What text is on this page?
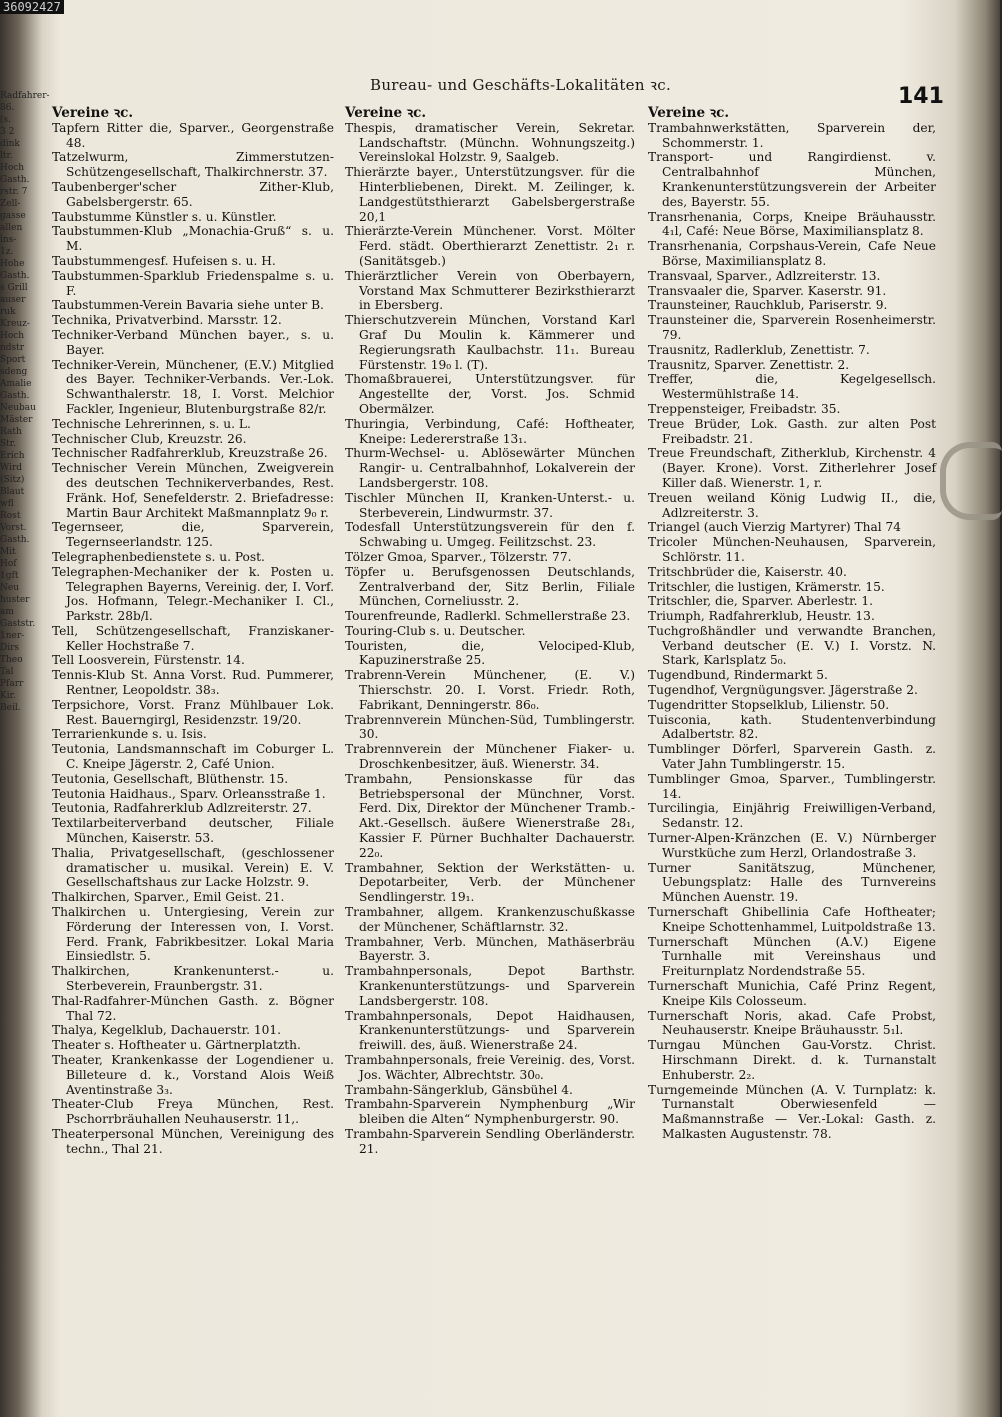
36092427
Radfahrer-
86.
(s.
3 2
dink
ltr.
Hoch
Gasth.
rstr. 7
Zell-
gasse
allen
ins-
1z.
Hohe
Gasth.
s Grill
auser
ruk
Kreuz-
Hoch
ndstr
Sport
sdeng
Amalie
Gasth.
Neubau
Mäster
Rath
Str.
Erich
Wird
(Sitz)
Blaut
wfl
Rost
Vorst.
Gasth.
Mit
Hof
1gft
Neu
huster
am
Gaststr.
1ner-
Dirs
Theo
Tal
Pfarr
Kir.
Beil.
Bureau- und Geschäfts-Lokalitäten ꝛc.	141
Vereine ꝛc.
Tapfern Ritter die, Sparver., Georgenstraße 48.
Tatzelwurm, Zimmerstutzen-Schützengesellschaft, Thalkirchnerstr. 37.
Taubenberger'scher Zither-Klub, Gabelsbergerstr. 65.
Taubstumme Künstler s. u. Künstler.
Taubstummen-Klub „Monachia-Gruß“ s. u. M.
Taubstummengesf. Hufeisen s. u. H.
Taubstummen-Sparklub Friedenspalme s. u. F.
Taubstummen-Verein Bavaria siehe unter B.
Technika, Privatverbind. Marsstr. 12.
Techniker-Verband München bayer., s. u. Bayer.
Techniker-Verein, Münchener, (E.V.) Mitglied des Bayer. Techniker-Verbands. Ver.-Lok. Schwanthalerstr. 18, I. Vorst. Melchior Fackler, Ingenieur, Blutenburgstraße 82/r.
Technische Lehrerinnen, s. u. L.
Technischer Club, Kreuzstr. 26.
Technischer Radfahrerklub, Kreuzstraße 26.
Technischer Verein München, Zweigverein des deutschen Technikerverbandes, Rest. Fränk. Hof, Senefelderstr. 2. Briefadresse: Martin Baur Architekt Maßmannplatz 9₀ r.
Tegernseer, die, Sparverein, Tegernseerlandstr. 125.
Telegraphenbedienstete s. u. Post.
Telegraphen-Mechaniker der k. Posten u. Telegraphen Bayerns, Vereinig. der, I. Vorf. Jos. Hofmann, Telegr.-Mechaniker I. Cl., Parkstr. 28b/l.
Tell, Schützengesellschaft, Franziskaner-Keller Hochstraße 7.
Tell Loosverein, Fürstenstr. 14.
Tennis-Klub St. Anna Vorst. Rud. Pummerer, Rentner, Leopoldstr. 38₃.
Terpsichore, Vorst. Franz Mühlbauer Lok. Rest. Bauerngirgl, Residenzstr. 19/20.
Terrarienkunde s. u. Isis.
Teutonia, Landsmannschaft im Coburger L. C. Kneipe Jägerstr. 2, Café Union.
Teutonia, Gesellschaft, Blüthenstr. 15.
Teutonia Haidhaus., Sparv. Orleansstraße 1.
Teutonia, Radfahrerklub Adlzreiterstr. 27.
Textilarbeiterverband deutscher, Filiale München, Kaiserstr. 53.
Thalia, Privatgesellschaft, (geschlossener dramatischer u. musikal. Verein) E. V. Gesellschaftshaus zur Lacke Holzstr. 9.
Thalkirchen, Sparver., Emil Geist. 21.
Thalkirchen u. Untergiesing, Verein zur Förderung der Interessen von, I. Vorst. Ferd. Frank, Fabrikbesitzer. Lokal Maria Einsiedlstr. 5.
Thalkirchen, Krankenunterst.- u. Sterbeverein, Fraunbergstr. 31.
Thal-Radfahrer-München Gasth. z. Bögner Thal 72.
Thalya, Kegelklub, Dachauerstr. 101.
Theater s. Hoftheater u. Gärtnerplatzth.
Theater, Krankenkasse der Logendiener u. Billeteure d. k., Vorstand Alois Weiß Aventinstraße 3₃.
Theater-Club Freya München, Rest. Pschorrbräuhallen Neuhauserstr. 11,.
Theaterpersonal München, Vereinigung des techn., Thal 21.
Vereine ꝛc.
Thespis, dramatischer Verein, Sekretar. Landschaftstr. (Münchn. Wohnungszeitg.) Vereinslokal Holzstr. 9, Saalgeb.
Thierärzte bayer., Unterstützungsver. für die Hinterbliebenen, Direkt. M. Zeilinger, k. Landgestütsthierarzt Gabelsbergerstraße 20,1
Thierärzte-Verein Münchener. Vorst. Mölter Ferd. städt. Oberthierarzt Zenettistr. 2₁ r. (Sanitätsgeb.)
Thierärztlicher Verein von Oberbayern, Vorstand Max Schmutterer Bezirksthierarzt in Ebersberg.
Thierschutzverein München, Vorstand Karl Graf Du Moulin k. Kämmerer und Regierungsrath Kaulbachstr. 11₁. Bureau Fürstenstr. 19₀ l. (T).
Thomaßbrauerei, Unterstützungsver. für Angestellte der, Vorst. Jos. Schmid Obermälzer.
Thuringia, Verbindung, Café: Hoftheater, Kneipe: Ledererstraße 13₁.
Thurm-Wechsel- u. Ablösewärter München Rangir- u. Centralbahnhof, Lokalverein der Landsbergerstr. 108.
Tischler München II, Kranken-Unterst.- u. Sterbeverein, Lindwurmstr. 37.
Todesfall Unterstützungsverein für den f. Schwabing u. Umgeg. Feilitzschst. 23.
Tölzer Gmoa, Sparver., Tölzerstr. 77.
Töpfer u. Berufsgenossen Deutschlands, Zentralverband der, Sitz Berlin, Filiale München, Corneliusstr. 2.
Tourenfreunde, Radlerkl. Schmellerstraße 23.
Touring-Club s. u. Deutscher.
Touristen, die, Velociped-Klub, Kapuzinerstraße 25.
Trabrenn-Verein Münchener, (E. V.) Thierschstr. 20. I. Vorst. Friedr. Roth, Fabrikant, Denningerstr. 86₀.
Trabrennverein München-Süd, Tumblingerstr. 30.
Trabrennverein der Münchener Fiaker- u. Droschkenbesitzer, äuß. Wienerstr. 34.
Trambahn, Pensionskasse für das Betriebspersonal der Münchner, Vorst. Ferd. Dix, Direktor der Münchener Tramb.-Akt.-Gesellsch. äußere Wienerstraße 28₁, Kassier F. Pürner Buchhalter Dachauerstr. 22₀.
Trambahner, Sektion der Werkstätten- u. Depotarbeiter, Verb. der Münchener Sendlingerstr. 19₁.
Trambahner, allgem. Krankenzuschußkasse der Münchener, Schäftlarnstr. 32.
Trambahner, Verb. München, Mathäserbräu Bayerstr. 3.
Trambahnpersonals, Depot Barthstr. Krankenunterstützungs- und Sparverein Landsbergerstr. 108.
Trambahnpersonals, Depot Haidhausen, Krankenunterstützungs- und Sparverein freiwill. des, äuß. Wienerstraße 24.
Trambahnpersonals, freie Vereinig. des, Vorst. Jos. Wächter, Albrechtstr. 30₀.
Trambahn-Sängerklub, Gänsbühel 4.
Trambahn-Sparverein Nymphenburg „Wir bleiben die Alten“ Nymphenburgerstr. 90.
Trambahn-Sparverein Sendling Oberländerstr. 21.
Vereine ꝛc.
Trambahnwerkstätten, Sparverein der, Schommerstr. 1.
Transport- und Rangirdienst. v. Centralbahnhof München, Krankenunterstützungsverein der Arbeiter des, Bayerstr. 55.
Transrhenania, Corps, Kneipe Bräuhausstr. 4₁l, Café: Neue Börse, Maximiliansplatz 8.
Transrhenania, Corpshaus-Verein, Cafe Neue Börse, Maximiliansplatz 8.
Transvaal, Sparver., Adlzreiterstr. 13.
Transvaaler die, Sparver. Kaserstr. 91.
Traunsteiner, Rauchklub, Pariserstr. 9.
Traunsteiner die, Sparverein Rosenheimerstr. 79.
Trausnitz, Radlerklub, Zenettistr. 7.
Trausnitz, Sparver. Zenettistr. 2.
Treffer, die, Kegelgesellsch. Westermühlstraße 14.
Treppensteiger, Freibadstr. 35.
Treue Brüder, Lok. Gasth. zur alten Post Freibadstr. 21.
Treue Freundschaft, Zitherklub, Kirchenstr. 4 (Bayer. Krone). Vorst. Zitherlehrer Josef Killer daß. Wienerstr. 1, r.
Treuen weiland König Ludwig II., die, Adlzreiterstr. 3.
Triangel (auch Vierzig Martyrer) Thal 74
Tricoler München-Neuhausen, Sparverein, Schlörstr. 11.
Tritschbrüder die, Kaiserstr. 40.
Tritschler, die lustigen, Krämerstr. 15.
Tritschler, die, Sparver. Aberlestr. 1.
Triumph, Radfahrerklub, Heustr. 13.
Tuchgroßhändler und verwandte Branchen, Verband deutscher (E. V.) I. Vorstz. N. Stark, Karlsplatz 5₀.
Tugendbund, Rindermarkt 5.
Tugendhof, Vergnügungsver. Jägerstraße 2.
Tugendritter Stopselklub, Lilienstr. 50.
Tuisconia, kath. Studentenverbindung Adalbertstr. 82.
Tumblinger Dörferl, Sparverein Gasth. z. Vater Jahn Tumblingerstr. 15.
Tumblinger Gmoa, Sparver., Tumblingerstr. 14.
Turcilingia, Einjährig Freiwilligen-Verband, Sedanstr. 12.
Turner-Alpen-Kränzchen (E. V.) Nürnberger Wurstküche zum Herzl, Orlandostraße 3.
Turner Sanitätszug, Münchener, Uebungsplatz: Halle des Turnvereins München Auenstr. 19.
Turnerschaft Ghibellinia Cafe Hoftheater; Kneipe Schottenhammel, Luitpoldstraße 13.
Turnerschaft München (A.V.) Eigene Turnhalle mit Vereinshaus und Freiturnplatz Nordendstraße 55.
Turnerschaft Munichia, Café Prinz Regent, Kneipe Kils Colosseum.
Turnerschaft Noris, akad. Cafe Probst, Neuhauserstr. Kneipe Bräuhausstr. 5₁l.
Turngau München Gau-Vorstz. Christ. Hirschmann Direkt. d. k. Turnanstalt Enhuberstr. 2₂.
Turngemeinde München (A. V. Turnplatz: k. Turnanstalt Oberwiesenfeld — Maßmannstraße — Ver.-Lokal: Gasth. z. Malkasten Augustenstr. 78.
